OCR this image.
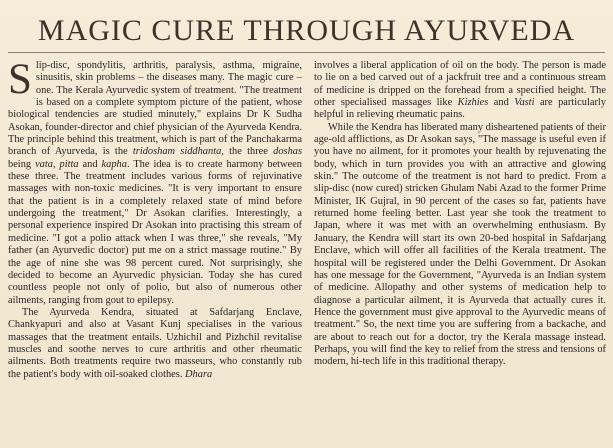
MAGIC CURE THROUGH AYURVEDA

Slip-disc, spondylitis, arthritis, paralysis, asthma, migraine, sinusitis, skin problems – the diseases many. The magic cure – one. The Kerala Ayurvedic system of treatment. "The treatment is based on a complete symptom picture of the patient, whose biological tendencies are studied minutely," explains Dr K Sudha Asokan, founder-director and chief physician of the Ayurveda Kendra. The principle behind this treatment, which is part of the Panchakarma branch of Ayurveda, is the tridosham siddhanta, the three doshas being vata, pitta and kapha. The idea is to create harmony between these three. The treatment includes various forms of rejuvinative massages with non-toxic medicines. "It is very important to ensure that the patient is in a completely relaxed state of mind before undergoing the treatment," Dr Asokan clarifies. Interestingly, a personal experience inspired Dr Asokan into practising this stream of medicine. "I got a polio attack when I was three," she reveals, "My father (an Ayurvedic doctor) put me on a strict massage routine." By the age of nine she was 98 percent cured. Not surprisingly, she decided to become an Ayurvedic physician. Today she has cured countless people not only of polio, but also of numerous other ailments, ranging from gout to epilepsy.

The Ayurveda Kendra, situated at Safdarjang Enclave, Chankyapuri and also at Vasant Kunj specialises in the various massages that the treatment entails. Uzhichil and Pizhchil revitalise muscles and soothe nerves to cure arthritis and other rheumatic ailments. Both treatments require two masseurs, who constantly rub the patient's body with oil-soaked clothes. Dhara

involves a liberal application of oil on the body. The person is made to lie on a bed carved out of a jackfruit tree and a continuous stream of medicine is dripped on the forehead from a specified height. The other specialised massages like Kizhies and Vasti are particularly helpful in relieving rheumatic pains.

While the Kendra has liberated many disheartened patients of their age-old afflictions, as Dr Asokan says, "The massage is useful even if you have no ailment, for it promotes your health by rejuvenating the body, which in turn provides you with an attractive and glowing skin." The outcome of the treatment is not hard to predict. From a slip-disc (now cured) stricken Ghulam Nabi Azad to the former Prime Minister, IK Gujral, in 90 percent of the cases so far, patients have returned home feeling better. Last year she took the treatment to Japan, where it was met with an overwhelming enthusiasm. By January, the Kendra will start its own 20-bed hospital in Safdarjang Enclave, which will offer all facilities of the Kerala treatment. The hospital will be registered under the Delhi Government. Dr Asokan has one message for the Government, "Ayurveda is an Indian system of medicine. Allopathy and other systems of medication help to diagnose a particular ailment, it is Ayurveda that actually cures it. Hence the government must give approval to the Ayurvedic means of treatment." So, the next time you are suffering from a backache, and are about to reach out for a doctor, try the Kerala massage instead. Perhaps, you will find the key to relief from the stress and tensions of modern, hi-tech life in this traditional therapy.
